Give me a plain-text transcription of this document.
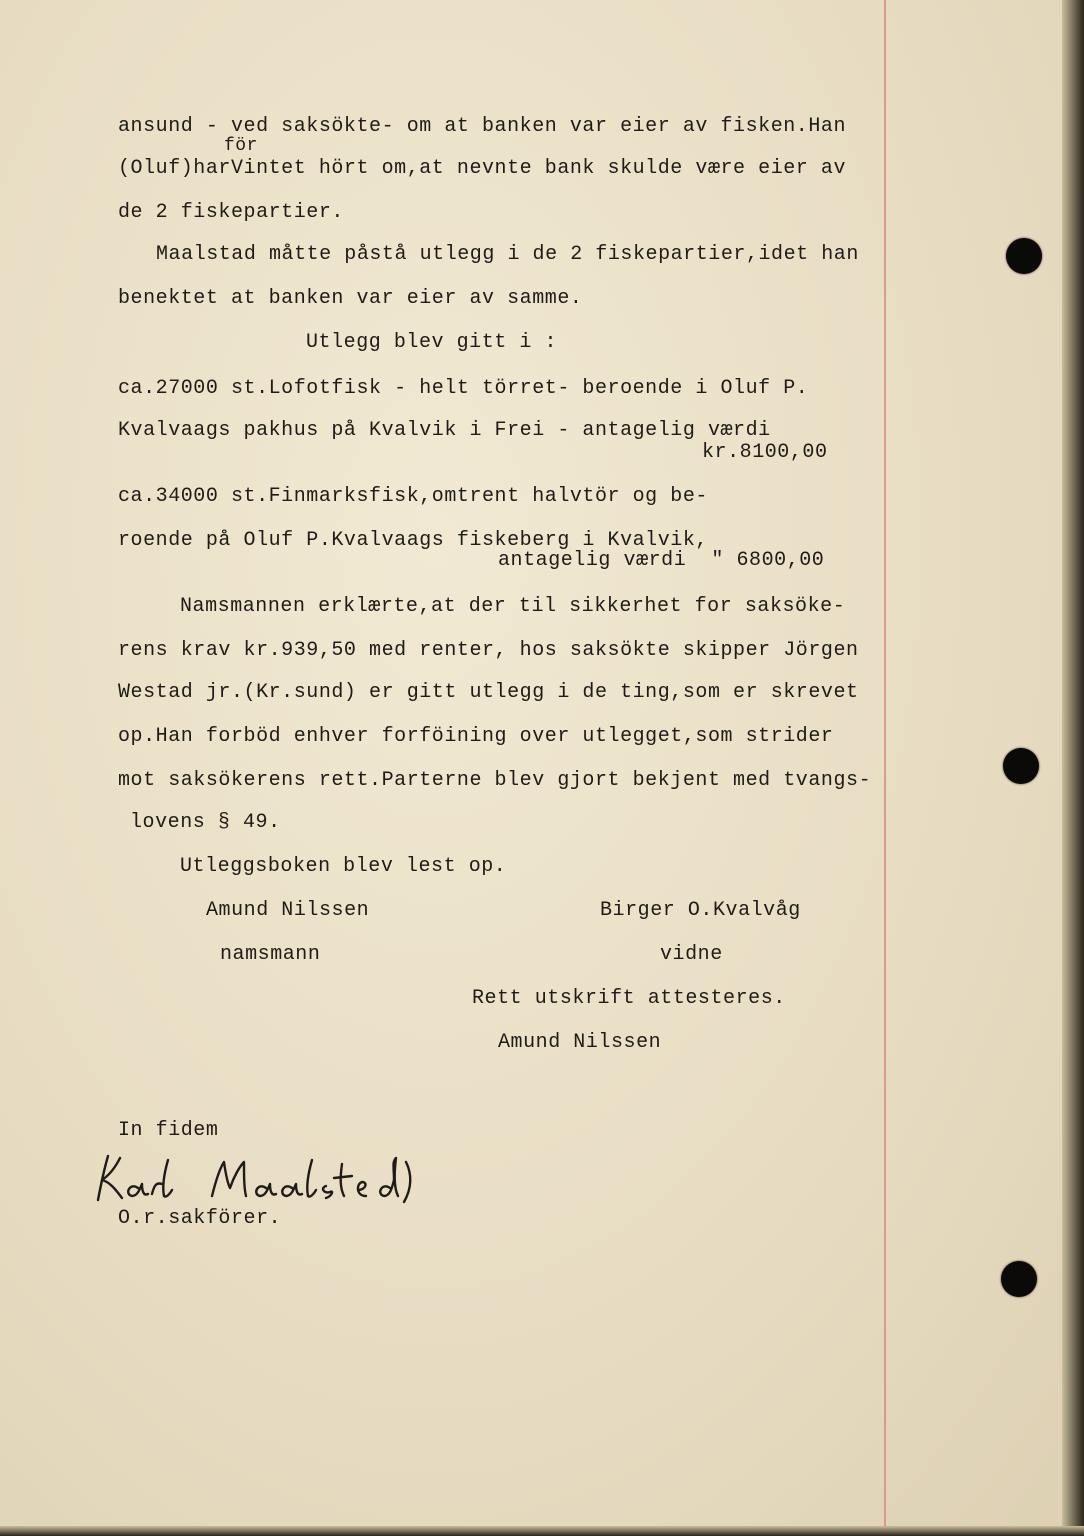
för
ansund - ved saksökte- om at banken var eier av fisken.Han
(Oluf)harVintet hört om,at nevnte bank skulde være eier av
de 2 fiskepartier.
Maalstad måtte påstå utlegg i de 2 fiskepartier,idet han
benektet at banken var eier av samme.
Utlegg blev gitt i :
ca.27000 st.Lofotfisk - helt törret- beroende i Oluf P.
Kvalvaags pakhus på Kvalvik i Frei - antagelig værdi
kr.8100,00
ca.34000 st.Finmarksfisk,omtrent halvtör og be-
roende på Oluf P.Kvalvaags fiskeberg i Kvalvik,
antagelig værdi  " 6800,00
Namsmannen erklærte,at der til sikkerhet for saksöke-
rens krav kr.939,50 med renter, hos saksökte skipper Jörgen
Westad jr.(Kr.sund) er gitt utlegg i de ting,som er skrevet
op.Han forböd enhver forföining over utlegget,som strider
mot saksökerens rett.Parterne blev gjort bekjent med tvangs-
lovens § 49.
Utleggsboken blev lest op.
Amund Nilssen	Birger O.Kvalvåg
namsmann	vidne
Rett utskrift attesteres.
Amund Nilssen
In fidem
O.r.sakförer.
